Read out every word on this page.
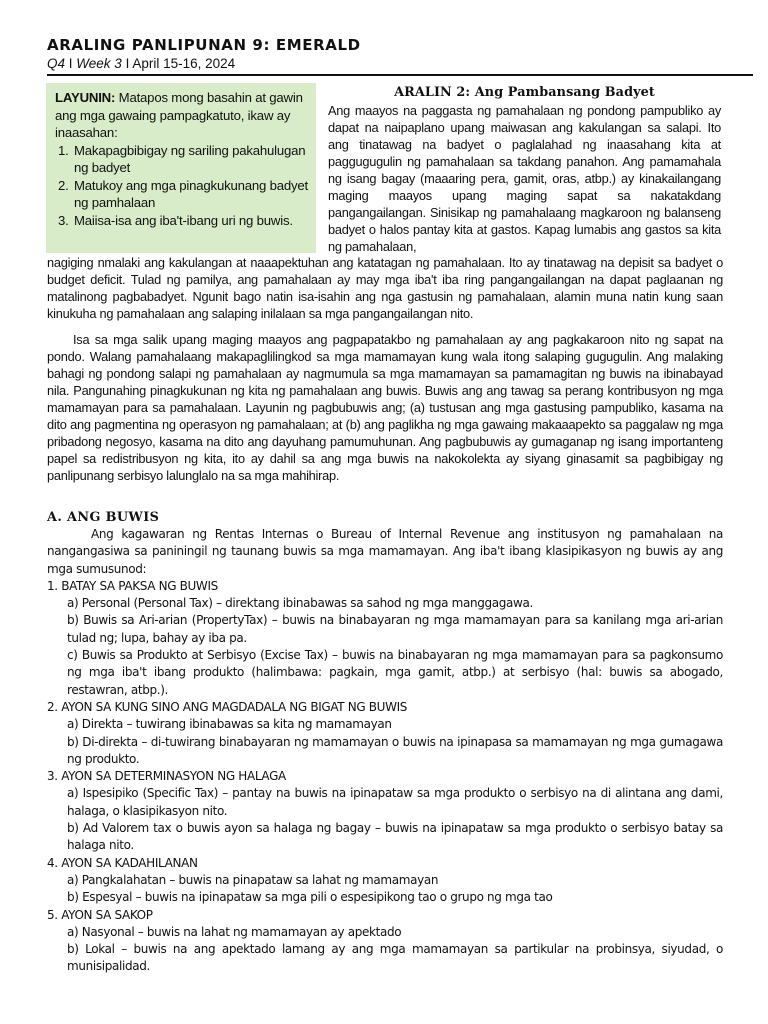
ARALING PANLIPUNAN 9: EMERALD
Q4 I Week 3 I April 15-16, 2024
LAYUNIN: Matapos mong basahin at gawin ang mga gawaing pampagkatuto, ikaw ay inaasahan:
1. Makapagbibigay ng sariling pakahulugan ng badyet
2. Matukoy ang mga pinagkukunang badyet ng pamhalaan
3. Maiisa-isa ang iba't-ibang uri ng buwis.
ARALIN 2: Ang Pambansang Badyet
Ang maayos na paggasta ng pamahalaan ng pondong pampubliko ay dapat na naipaplano upang maiwasan ang kakulangan sa salapi. Ito ang tinatawag na badyet o paglalahad ng inaasahang kita at paggugugulin ng pamahalaan sa takdang panahon. Ang pamamahala ng isang bagay (maaaring pera, gamit, oras, atbp.) ay kinakailangang maging maayos upang maging sapat sa nakatakdang pangangailangan. Sinisikap ng pamahalaang magkaroon ng balanseng badyet o halos pantay kita at gastos. Kapag lumabis ang gastos sa kita ng pamahalaan,
nagiging nmalaki ang kakulangan at naaapektuhan ang katatagan ng pamahalaan. Ito ay tinatawag na depisit sa badyet o budget deficit. Tulad ng pamilya, ang pamahalaan ay may mga iba't iba ring pangangailangan na dapat paglaanan ng matalinong pagbabadyet. Ngunit bago natin isa-isahin ang nga gastusin ng pamahalaan, alamin muna natin kung saan kinukuha ng pamahalaan ang salaping inilalaan sa mga pangangailangan nito.
Isa sa mga salik upang maging maayos ang pagpapatakbo ng pamahalaan ay ang pagkakaroon nito ng sapat na pondo. Walang pamahalaang makapaglilingkod sa mga mamamayan kung wala itong salaping gugugulin. Ang malaking bahagi ng pondong salapi ng pamahalaan ay nagmumula sa mga mamamayan sa pamamagitan ng buwis na ibinabayad nila. Pangunahing pinagkukunan ng kita ng pamahalaan ang buwis. Buwis ang ang tawag sa perang kontribusyon ng mga mamamayan para sa pamahalaan. Layunin ng pagbubuwis ang; (a) tustusan ang mga gastusing pampubliko, kasama na dito ang pagmentina ng operasyon ng pamahalaan; at (b) ang paglikha ng mga gawaing makaaapekto sa paggalaw ng mga pribadong negosyo, kasama na dito ang dayuhang pamumuhunan. Ang pagbubuwis ay gumaganap ng isang importanteng papel sa redistribusyon ng kita, ito ay dahil sa ang mga buwis na nakokolekta ay siyang ginasamit sa pagbibigay ng panlipunang serbisyo lalunglalo na sa mga mahihirap.
A. ANG BUWIS

Ang kagawaran ng Rentas Internas o Bureau of Internal Revenue ang institusyon ng pamahalaan na nangangasiwa sa paniningil ng taunang buwis sa mga mamamayan. Ang iba't ibang klasipikasyon ng buwis ay ang mga sumusunod:

1. BATAY SA PAKSA NG BUWIS

a) Personal (Personal Tax) – direktang ibinabawas sa sahod ng mga manggagawa.

b) Buwis sa Ari-arian (PropertyTax) – buwis na binabayaran ng mga mamamayan para sa kanilang mga ari-arian tulad ng; lupa, bahay ay iba pa.

c) Buwis sa Produkto at Serbisyo (Excise Tax) – buwis na binabayaran ng mga mamamayan para sa pagkonsumo ng mga iba't ibang produkto (halimbawa: pagkain, mga gamit, atbp.) at serbisyo (hal: buwis sa abogado, restawran, atbp.).

2. AYON SA KUNG SINO ANG MAGDADALA NG BIGAT NG BUWIS

a) Direkta – tuwirang ibinabawas sa kita ng mamamayan

b) Di-direkta – di-tuwirang binabayaran ng mamamayan o buwis na ipinapasa sa mamamayan ng mga gumagawa ng produkto.

3. AYON SA DETERMINASYON NG HALAGA

a) Ispesipiko (Specific Tax) – pantay na buwis na ipinapataw sa mga produkto o serbisyo na di alintana ang dami, halaga, o klasipikasyon nito.

b) Ad Valorem tax o buwis ayon sa halaga ng bagay – buwis na ipinapataw sa mga produkto o serbisyo batay sa halaga nito.

4. AYON SA KADAHILANAN

a) Pangkalahatan – buwis na pinapataw sa lahat ng mamamayan

b) Espesyal – buwis na ipinapataw sa mga pili o espesipikong tao o grupo ng mga tao

5. AYON SA SAKOP

a) Nasyonal – buwis na lahat ng mamamayan ay apektado

b) Lokal – buwis na ang apektado lamang ay ang mga mamamayan sa partikular na probinsya, siyudad, o munisipalidad.
